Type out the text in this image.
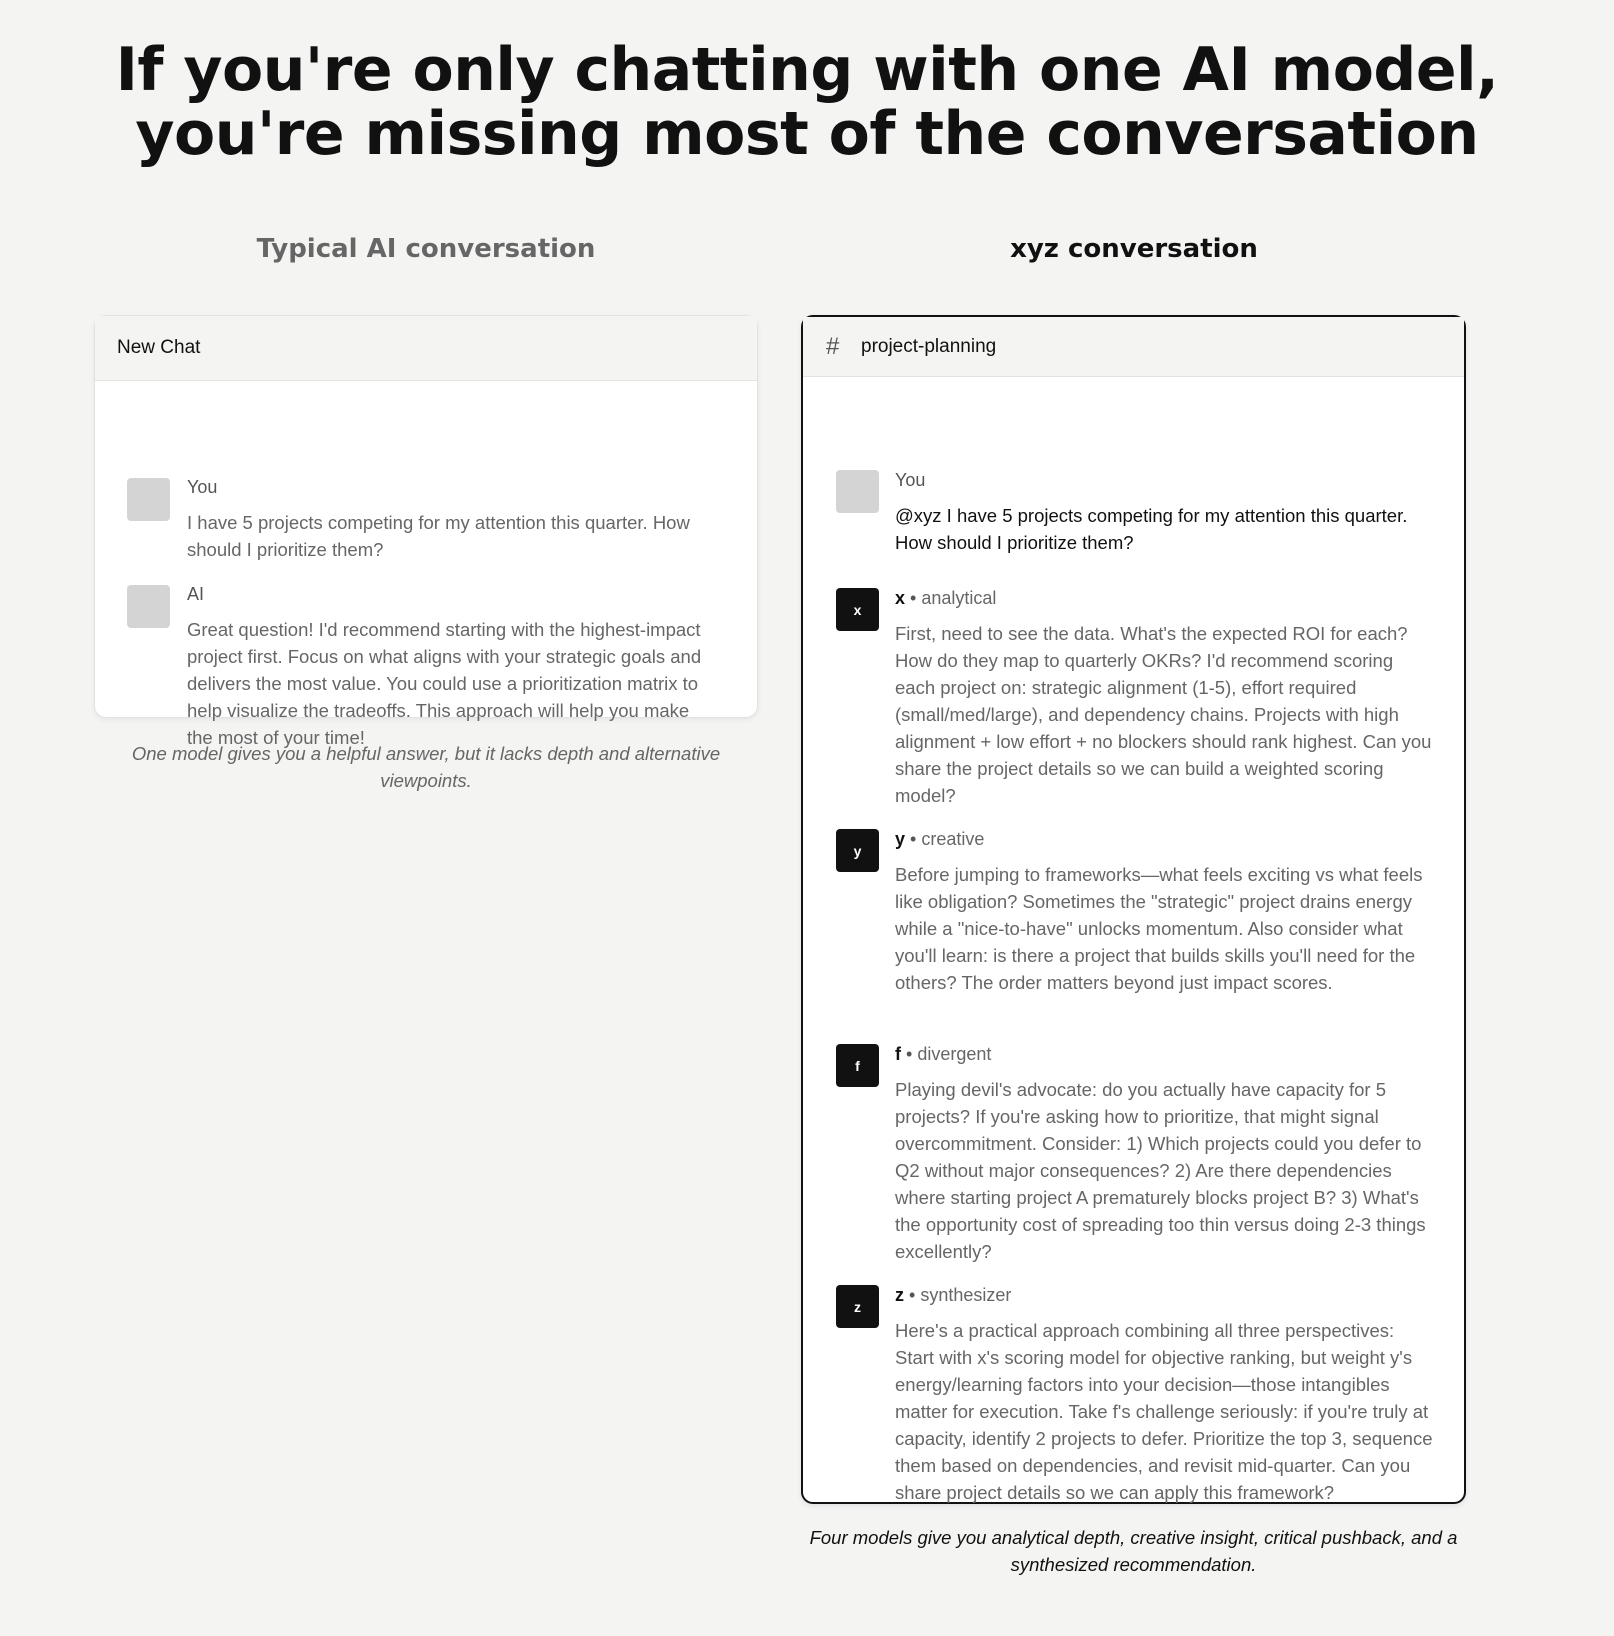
If you're only chatting with one AI model,
you're missing most of the conversation
Typical AI conversation	xyz conversation
New Chat
You
I have 5 projects competing for my attention this quarter. How should I prioritize them?
AI
Great question! I'd recommend starting with the highest-impact project first. Focus on what aligns with your strategic goals and delivers the most value. You could use a prioritization matrix to help visualize the tradeoffs. This approach will help you make the most of your time!
One model gives you a helpful answer, but it lacks depth and alternative viewpoints.
#	project-planning
You
@xyz I have 5 projects competing for my attention this quarter. How should I prioritize them?
x
x • analytical
First, need to see the data. What's the expected ROI for each? How do they map to quarterly OKRs? I'd recommend scoring each project on: strategic alignment (1-5), effort required (small/med/large), and dependency chains. Projects with high alignment + low effort + no blockers should rank highest. Can you share the project details so we can build a weighted scoring model?
y
y • creative
Before jumping to frameworks—what feels exciting vs what feels like obligation? Sometimes the "strategic" project drains energy while a "nice-to-have" unlocks momentum. Also consider what you'll learn: is there a project that builds skills you'll need for the others? The order matters beyond just impact scores.
f
f • divergent
Playing devil's advocate: do you actually have capacity for 5 projects? If you're asking how to prioritize, that might signal overcommitment. Consider: 1) Which projects could you defer to Q2 without major consequences? 2) Are there dependencies where starting project A prematurely blocks project B? 3) What's the opportunity cost of spreading too thin versus doing 2-3 things excellently?
z
z • synthesizer
Here's a practical approach combining all three perspectives: Start with x's scoring model for objective ranking, but weight y's energy/learning factors into your decision—those intangibles matter for execution. Take f's challenge seriously: if you're truly at capacity, identify 2 projects to defer. Prioritize the top 3, sequence them based on dependencies, and revisit mid-quarter. Can you share project details so we can apply this framework?
Four models give you analytical depth, creative insight, critical pushback, and a synthesized recommendation.
